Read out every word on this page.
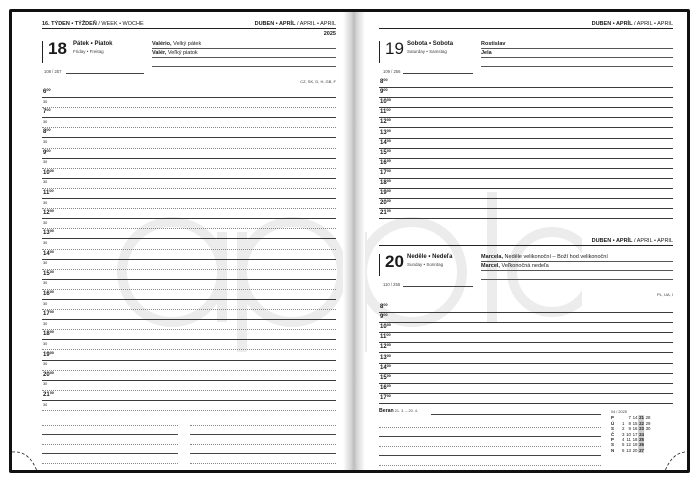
16. TÝDEN • TÝŽDEŇ / WEEK • WOCHE	DUBEN • APRÍL / APRIL • APRIL
2025
18 Pátek • Piatok
Friday • Freitag
108 / 257
Valério, Velký pátek
Valér, Veľký piatok
CZ, SK, D, H, GB, F
$6^{00}$
30
$7^{00}$
30
$8^{00}$
30
$9^{00}$
30
$10^{00}$
30
$11^{00}$
30
$12^{00}$
30
$13^{00}$
30
$14^{00}$
30
$15^{00}$
30
$16^{00}$
30
$17^{00}$
30
$18^{00}$
30
$19^{00}$
30
$20^{00}$
30
$21^{00}$
30
DUBEN • APRÍL / APRIL • APRIL
19 Sobota • Sobota
Saturday • Samstag
109 / 256
Rostislav
Jela
$8^{00}$
$9^{00}$
$10^{00}$
$11^{00}$
$12^{00}$
$13^{00}$
$14^{00}$
$15^{00}$
$16^{00}$
$17^{00}$
$18^{00}$
$19^{00}$
$20^{00}$
$21^{00}$
DUBEN • APRÍL / APRIL • APRIL
20 Neděle • Nedeľa
Sunday • Sonntag
110 / 255
Marcela, Neděle velikonoční – Boží hod velikonoční
Marcel, Veľkonočná nedeľa
PL, UA, I
$8^{00}$
$9^{00}$
$10^{00}$
$11^{00}$
$12^{00}$
$13^{00}$
$14^{00}$
$15^{00}$
$16^{00}$
$17^{00}$
Beran 21. 3. – 20. 4.	04 / 2025
P	7 14 21 28
Ú	1 8 15 22 29
S	2 9 16 23 30
Č	3 10 17 24
P	4 11 18 25
S	5 12 19 26
N	6 13 20 27
